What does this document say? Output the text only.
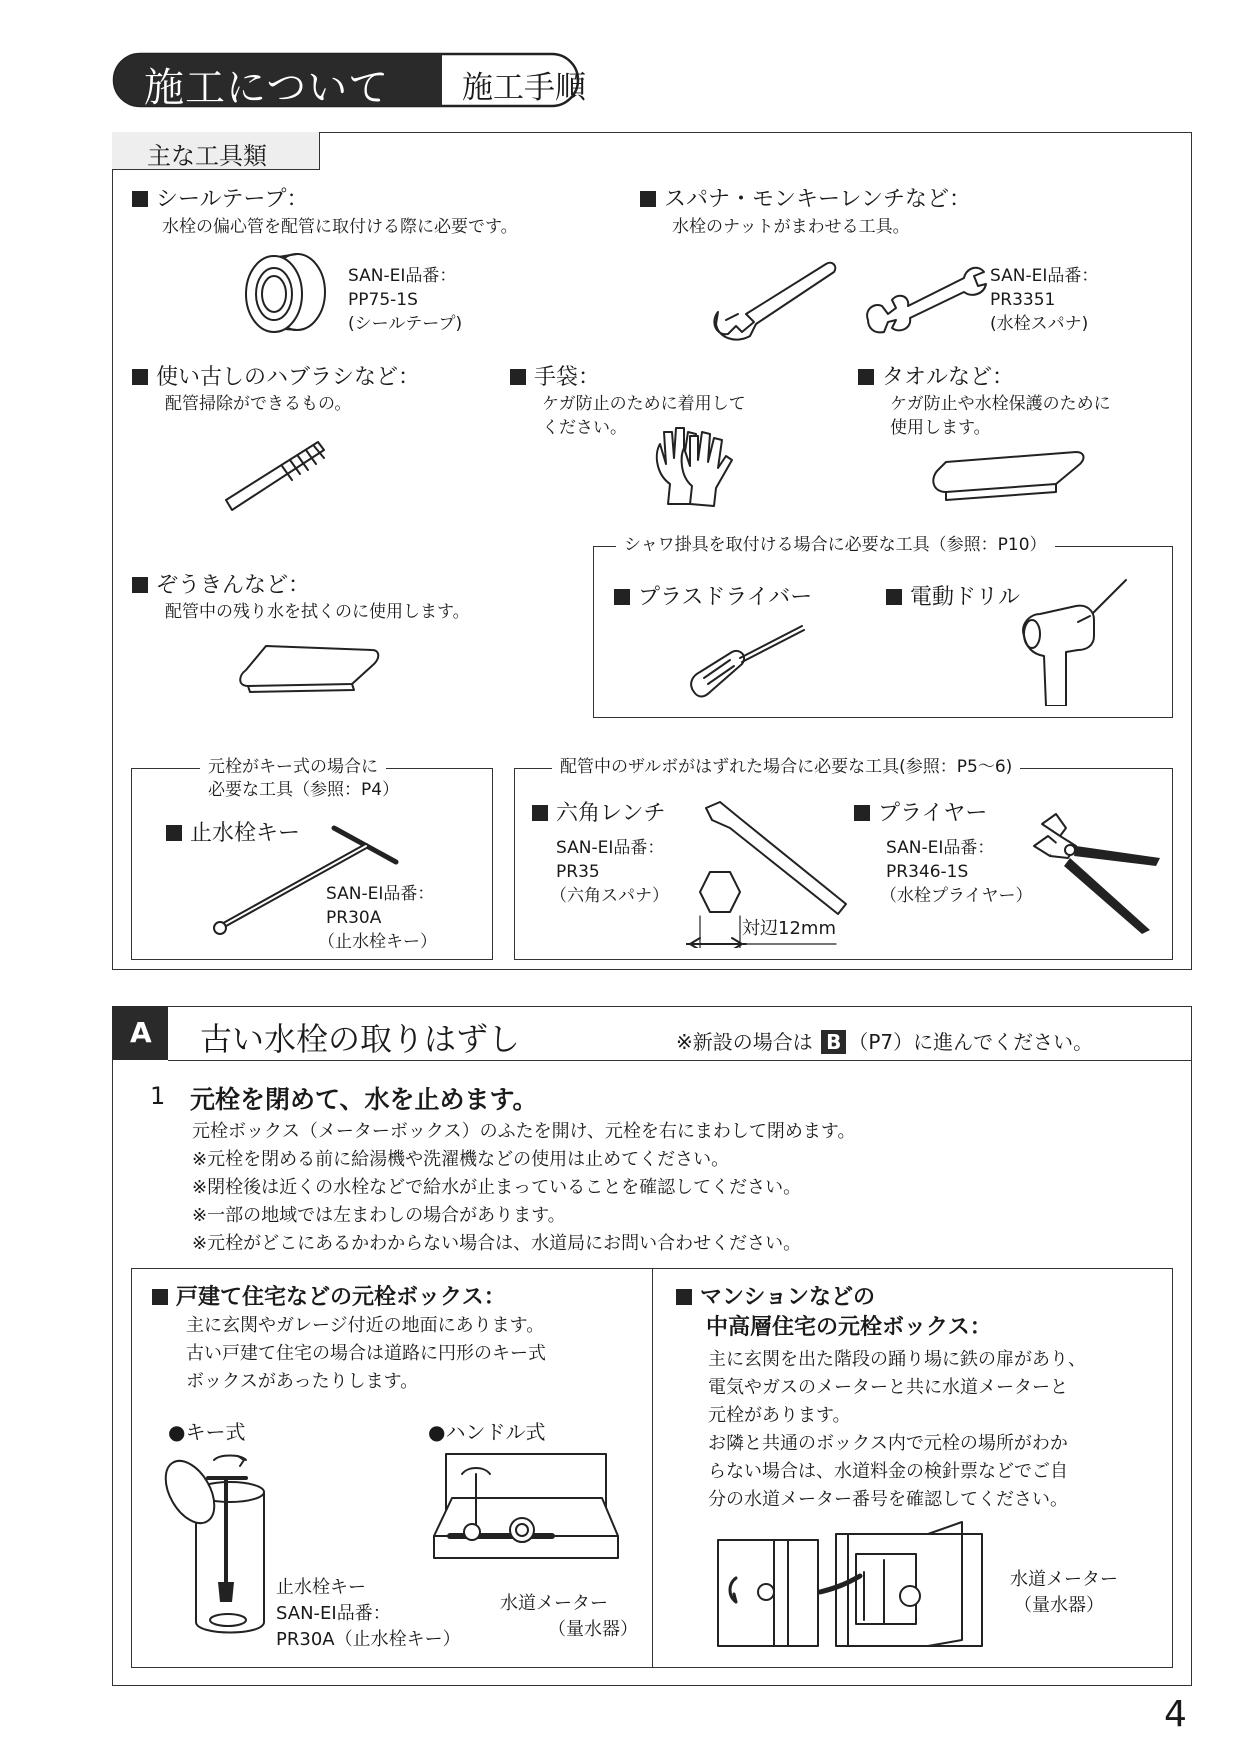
施工について 施工手順
主な工具類
シールテープ：
水栓の偏心管を配管に取付ける際に必要です。
SAN-EI品番：
PP75-1S
(シールテープ)
スパナ・モンキーレンチなど：
水栓のナットがまわせる工具。
SAN-EI品番：
PR3351
(水栓スパナ)
使い古しのハブラシなど：
配管掃除ができるもの。
手袋：
ケガ防止のために着用して
ください。
タオルなど：
ケガ防止や水栓保護のために
使用します。
ぞうきんなど：
配管中の残り水を拭くのに使用します。
シャワ掛具を取付ける場合に必要な工具（参照：P10）
プラスドライバー	電動ドリル
元栓がキー式の場合に
必要な工具（参照：P4）
止水栓キー
SAN-EI品番：
PR30A
（止水栓キー）
配管中のザルボがはずれた場合に必要な工具(参照：P5～6)
六角レンチ
SAN-EI品番：
PR35
（六角スパナ）
対辺12mm
プライヤー
SAN-EI品番：
PR346-1S
（水栓プライヤー）
A 古い水栓の取りはずし	※新設の場合は B （P7）に進んでください。
1 元栓を閉めて、水を止めます。
元栓ボックス（メーターボックス）のふたを開け、元栓を右にまわして閉めます。
※元栓を閉める前に給湯機や洗濯機などの使用は止めてください。
※閉栓後は近くの水栓などで給水が止まっていることを確認してください。
※一部の地域では左まわしの場合があります。
※元栓がどこにあるかわからない場合は、水道局にお問い合わせください。
戸建て住宅などの元栓ボックス：
主に玄関やガレージ付近の地面にあります。
古い戸建て住宅の場合は道路に円形のキー式
ボックスがあったりします。
●キー式	●ハンドル式
止水栓キー
SAN-EI品番：
PR30A（止水栓キー）
水道メーター
（量水器）
マンションなどの
中高層住宅の元栓ボックス：
主に玄関を出た階段の踊り場に鉄の扉があり、
電気やガスのメーターと共に水道メーターと
元栓があります。
お隣と共通のボックス内で元栓の場所がわか
らない場合は、水道料金の検針票などでご自
分の水道メーター番号を確認してください。
水道メーター
（量水器）
4
